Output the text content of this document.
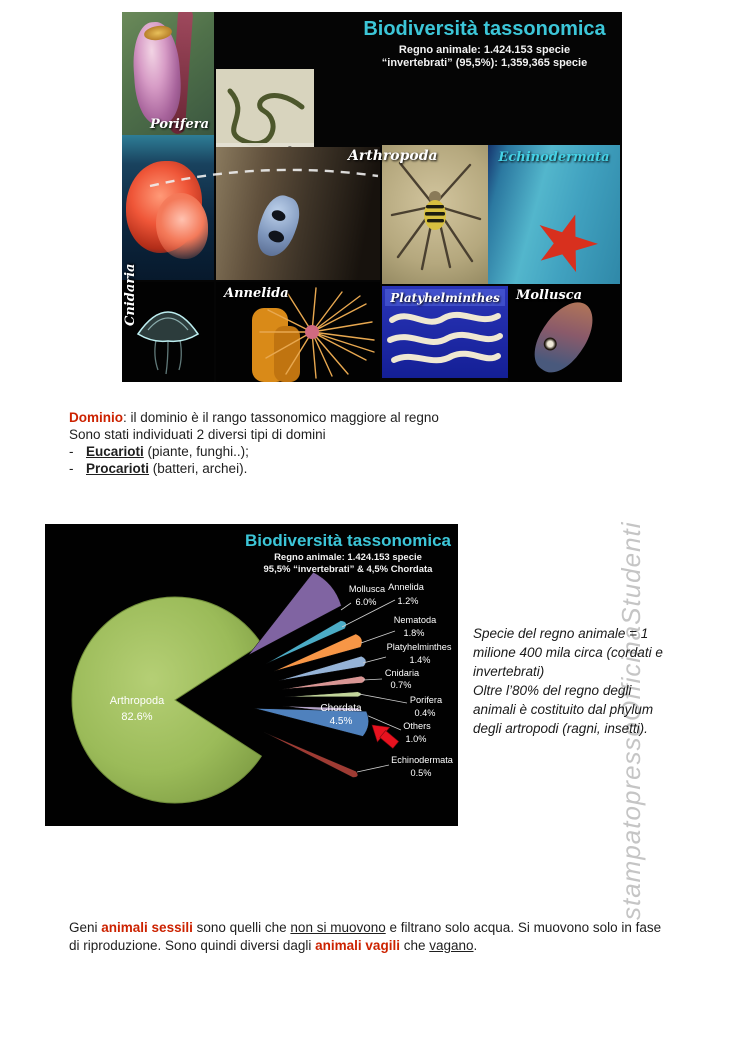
Porifera
Biodiversità tassonomica
Regno animale: 1.424.153 specie
“invertebrati” (95,5%): 1,359,365 specie
Cnidaria
Arthropoda	Echinodermata
Annelida	Platyhelminthes	Mollusca
Dominio: il dominio è il rango tassonomico maggiore al regno
Sono stati individuati 2 diversi tipi di domini
- Eucarioti (piante, funghi..);
- Procarioti (batteri, archei).
Biodiversità tassonomica
Regno animale: 1.424.153 specie
95,5% “invertebrati” & 4,5% Chordata
Arthropoda
82.6%
Mollusca
6.0%
Annelida
1.2%
Nematoda
1.8%
Platyhelminthes
1.4%
Cnidaria
0.7%
Porifera
0.4%
Others
1.0%
Chordata
4.5%
Echinodermata
0.5%
Specie del regno animale = 1
milione 400 mila circa (cordati e
invertebrati)
Oltre l’80% del regno degli
animali è costituito dal phylum
degli artropodi (ragni, insetti).
stampatopressoOfficinaStudenti
Geni animali sessili sono quelli che non si muovono e filtrano solo acqua. Si muovono solo in fase di riproduzione. Sono quindi diversi dagli animali vagili che vagano.
